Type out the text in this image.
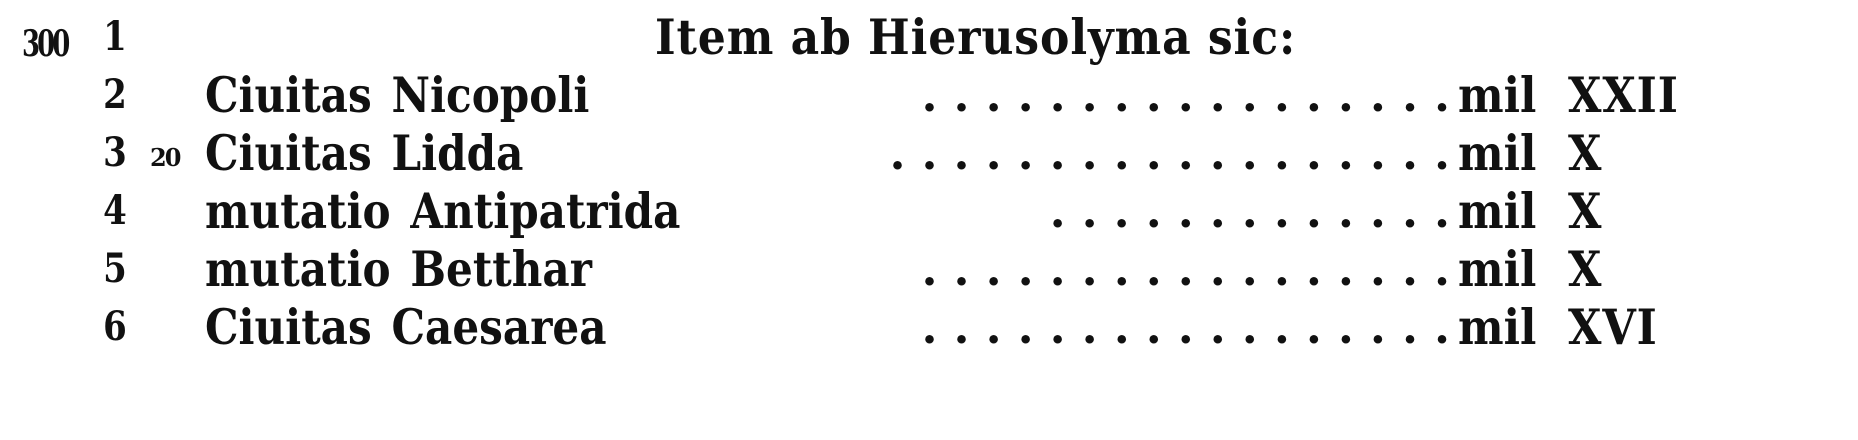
300 1	Item ab Hierusolyma sic:
2 Ciuitas Nicopoli	. . . . . . . . . . . . . . . . . mil XXII
3 20 Ciuitas Lidda	. . . . . . . . . . . . . . . . . . mil X
4 mutatio Antipatrida	. . . . . . . . . . . . . mil X
5 mutatio Betthar	. . . . . . . . . . . . . . . . . mil X
6 Ciuitas Caesarea	. . . . . . . . . . . . . . . . . mil XVI
